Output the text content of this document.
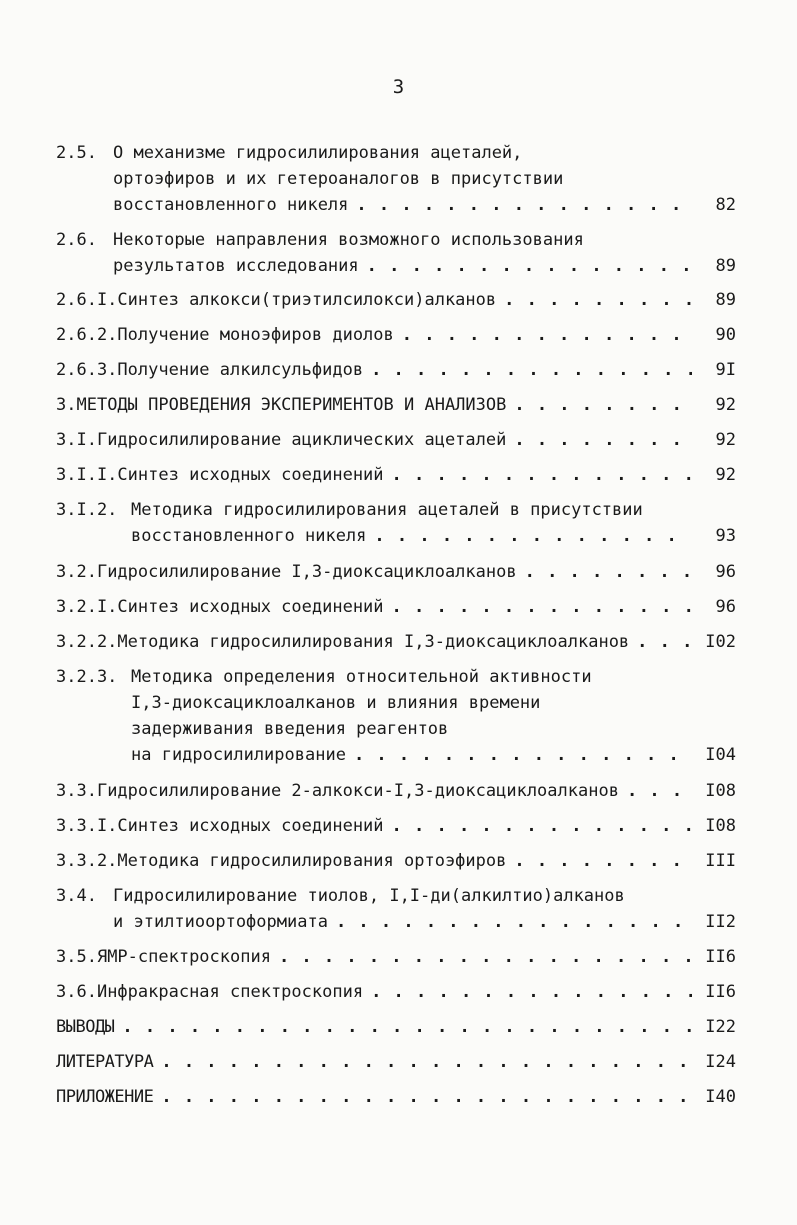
3
2.5. О механизме гидросилилирования ацеталей,
ортоэфиров и их гетероаналогов в присутствии
восстановленного никеля . . .	82
2.6. Некоторые направления возможного использования
результатов исследования . . .	89
2.6.I. Синтез алкокси(триэтилсилокси)алканов . . .	89
2.6.2. Получение моноэфиров диолов . . .	90
2.6.3. Получение алкилсульфидов . . .	9I
3. МЕТОДЫ ПРОВЕДЕНИЯ ЭКСПЕРИМЕНТОВ И АНАЛИЗОВ . . .	92
3.I. Гидросилилирование ациклических ацеталей . . .	92
3.I.I. Синтез исходных соединений . . .	92
3.I.2. Методика гидросилилирования ацеталей в присутствии
восстановленного никеля . . .	93
3.2. Гидросилилирование I,3-диоксациклоалканов . . .	96
3.2.I. Синтез исходных соединений . . .	96
3.2.2. Методика гидросилилирования I,3-диоксациклоалканов . . .	I02
3.2.3. Методика определения относительной активности
I,3-диоксациклоалканов и влияния времени
задерживания введения реагентов
на гидросилилирование . . .	I04
3.3. Гидросилилирование 2-алкокси-I,3-диоксациклоалканов . . .	I08
3.3.I. Синтез исходных соединений . . .	I08
3.3.2. Методика гидросилилирования ортоэфиров . . .	III
3.4. Гидросилилирование тиолов, I,I-ди(алкилтио)алканов
и этилтиоортоформиата . . .	II2
3.5. ЯМР-спектроскопия . . .	II6
3.6. Инфракрасная спектроскопия . . .	II6
ВЫВОДЫ . . .	I22
ЛИТЕРАТУРА . . .	I24
ПРИЛОЖЕНИЕ . . .	I40
